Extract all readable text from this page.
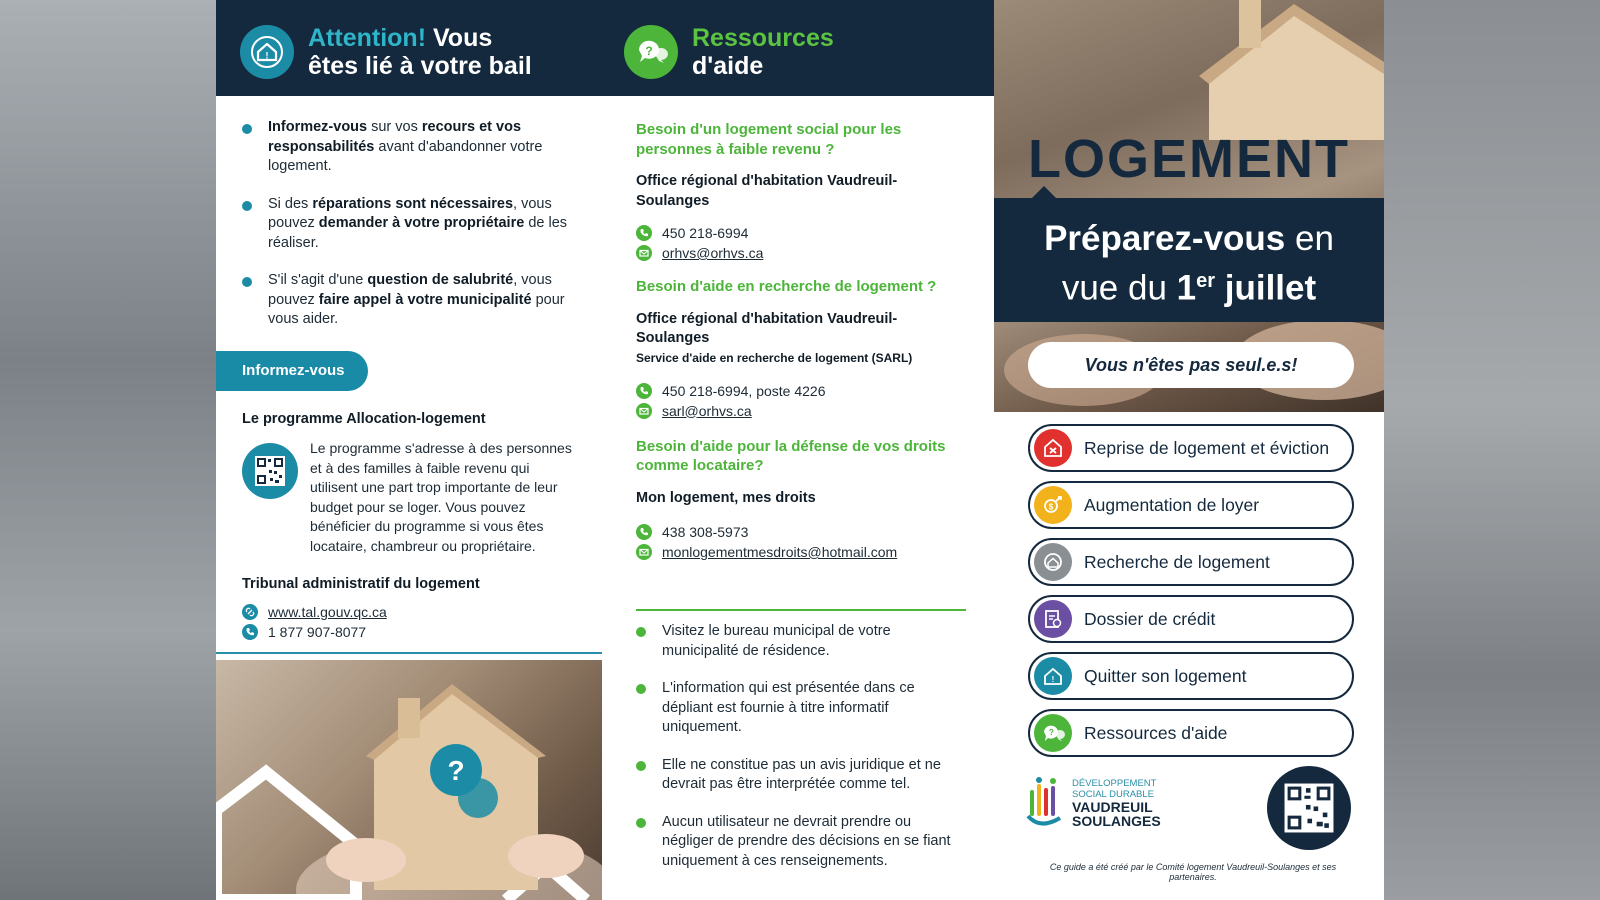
!
Attention! Vous
êtes lié à votre bail
? Ressources
d'aide
Informez-vous sur vos recours et vos responsabilités avant d'abandonner votre logement.
Si des réparations sont nécessaires, vous pouvez demander à votre propriétaire de les réaliser.
S'il s'agit d'une question de salubrité, vous pouvez faire appel à votre municipalité pour vous aider.
Informez-vous
Le programme Allocation-logement
Le programme s'adresse à des personnes et à des familles à faible revenu qui utilisent une part trop importante de leur budget pour se loger. Vous pouvez bénéficier du programme si vous êtes locataire, chambreur ou propriétaire.
Tribunal administratif du logement
www.tal.gouv.qc.ca
1 877 907-8077
?
Besoin d'un logement social pour les personnes à faible revenu ?
Office régional d'habitation Vaudreuil-Soulanges
450 218-6994
orhvs@orhvs.ca
Besoin d'aide en recherche de logement ?
Office régional d'habitation Vaudreuil-Soulanges
Service d'aide en recherche de logement (SARL)
450 218-6994, poste 4226
sarl@orhvs.ca
Besoin d'aide pour la défense de vos droits comme locataire?
Mon logement, mes droits
438 308-5973
monlogementmesdroits@hotmail.com
Visitez le bureau municipal de votre municipalité de résidence.
L'information qui est présentée dans ce dépliant est fournie à titre informatif uniquement.
Elle ne constitue pas un avis juridique et ne devrait pas être interprétée comme tel.
Aucun utilisateur ne devrait prendre ou négliger de prendre des décisions en se fiant uniquement à ces renseignements.
LOGEMENT
Préparez-vous en
vue du 1er juillet
Vous n'êtes pas seul.e.s!
Reprise de logement et éviction
$ Augmentation de loyer
Recherche de logement
Dossier de crédit
! Quitter son logement
? Ressources d'aide
DÉVELOPPEMENT
SOCIAL DURABLE
VAUDREUIL
SOULANGES
Ce guide a été créé par le Comité logement Vaudreuil-Soulanges et ses partenaires.
